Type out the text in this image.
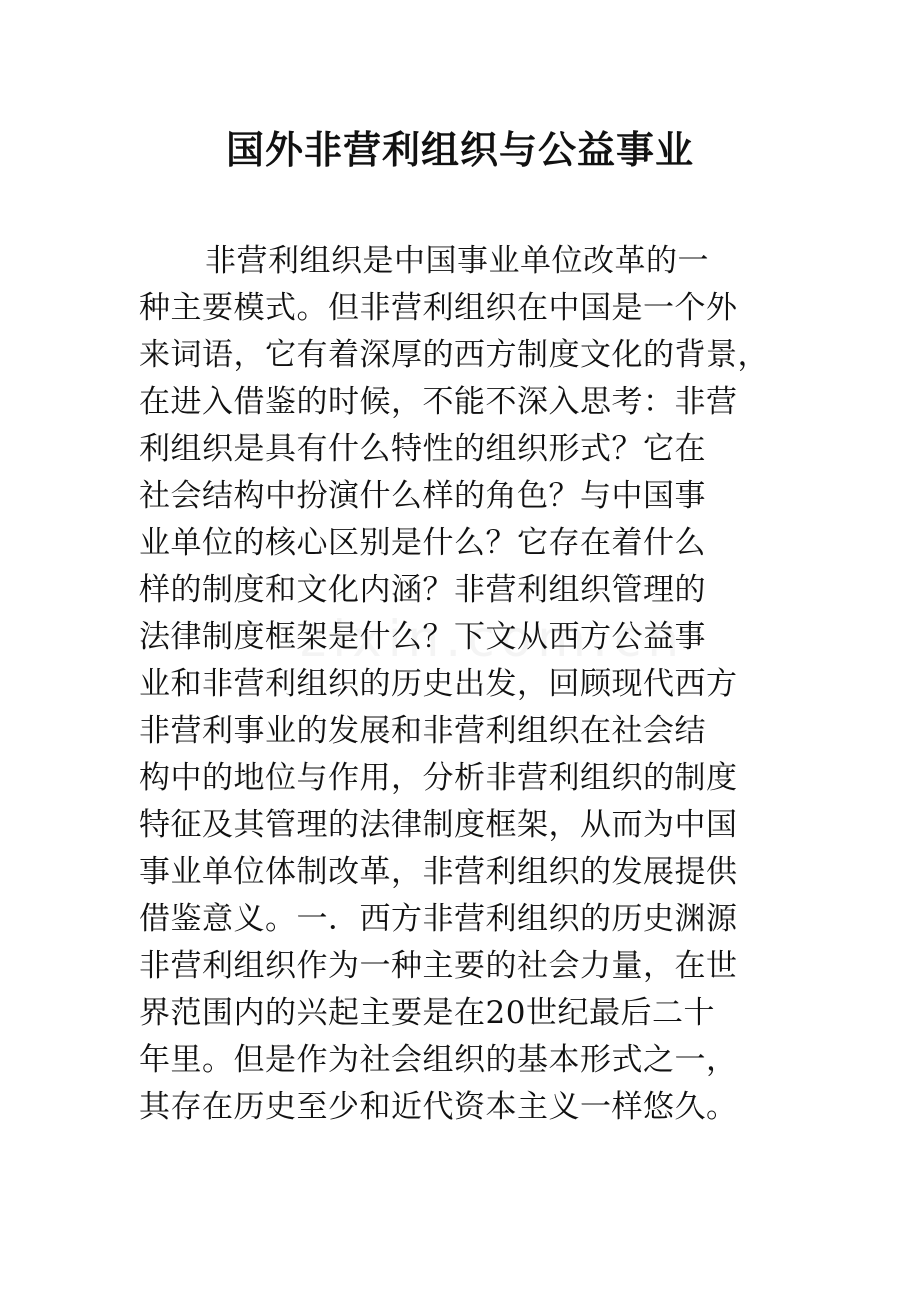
国外非营利组织与公益事业
非营利组织是中国事业单位改革的一
种主要模式。但非营利组织在中国是一个外
来词语，它有着深厚的西方制度文化的背景，
在进入借鉴的时候，不能不深入思考：非营
利组织是具有什么特性的组织形式？它在
社会结构中扮演什么样的角色？与中国事
业单位的核心区别是什么？它存在着什么
样的制度和文化内涵？非营利组织管理的
法律制度框架是什么？下文从西方公益事
业和非营利组织的历史出发，回顾现代西方
非营利事业的发展和非营利组织在社会结
构中的地位与作用，分析非营利组织的制度
特征及其管理的法律制度框架，从而为中国
事业单位体制改革，非营利组织的发展提供
借鉴意义。一．西方非营利组织的历史渊源
非营利组织作为一种主要的社会力量，在世
界范围内的兴起主要是在20世纪最后二十
年里。但是作为社会组织的基本形式之一，
其存在历史至少和近代资本主义一样悠久。
